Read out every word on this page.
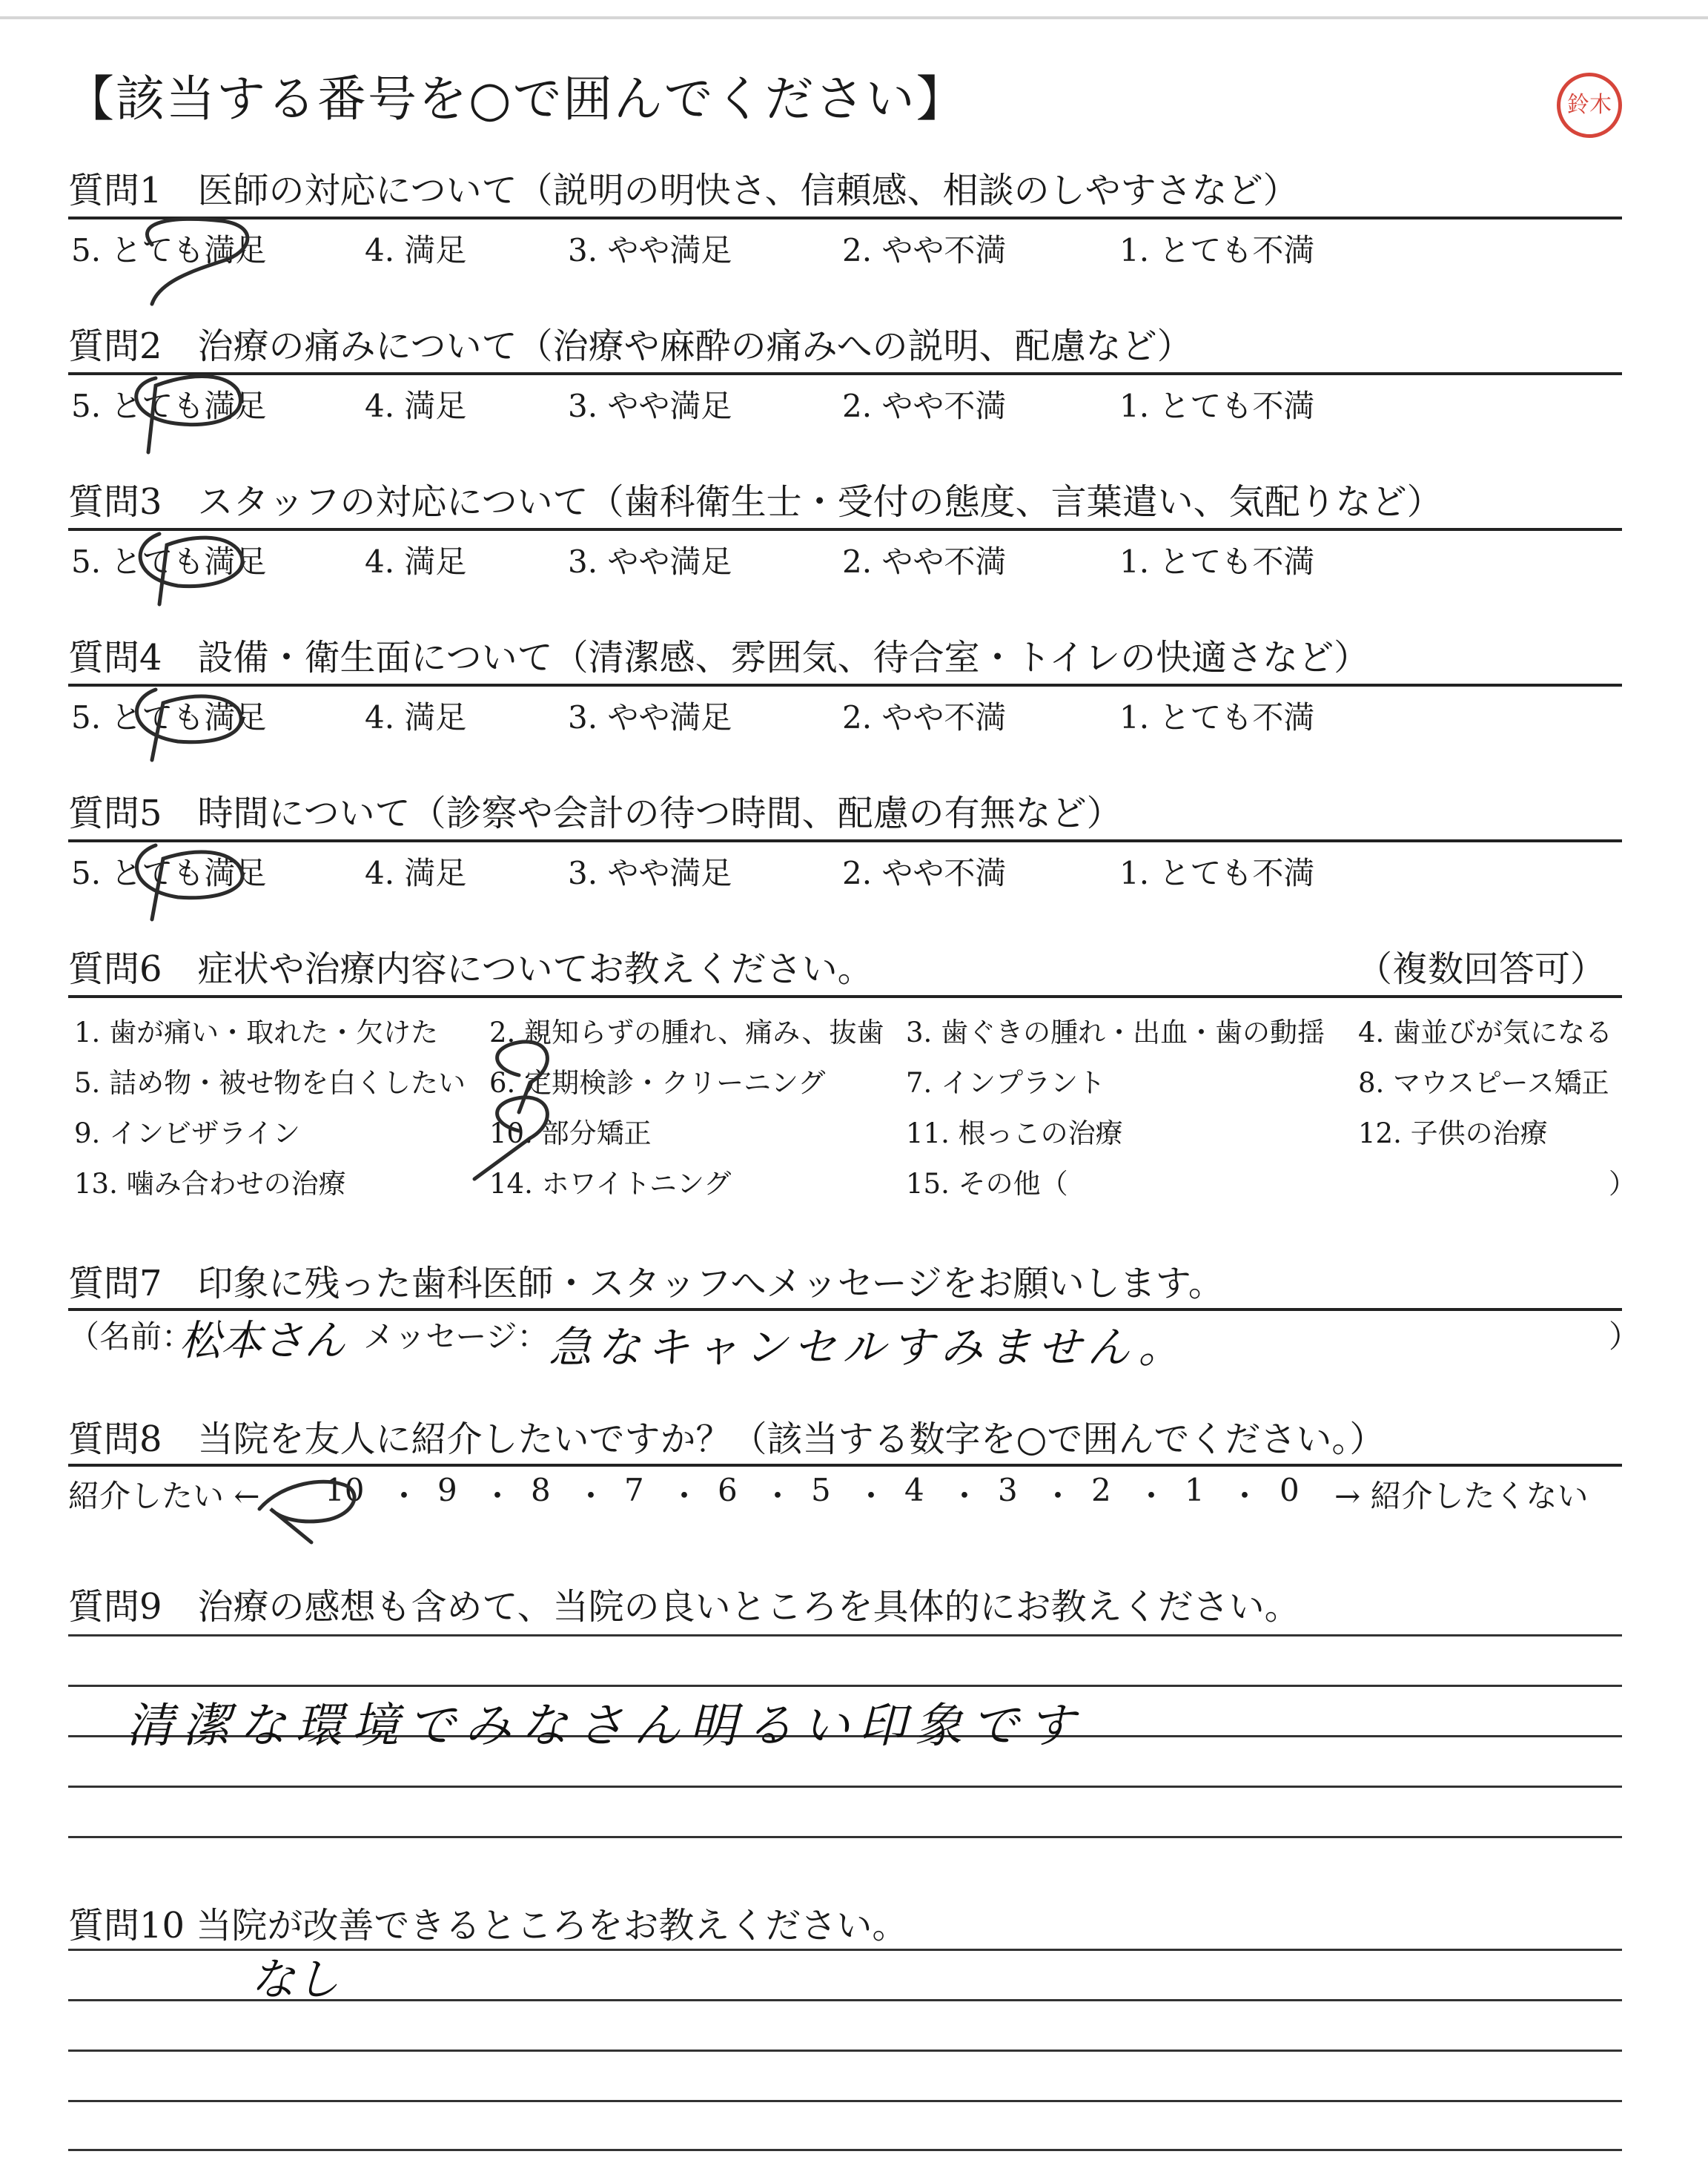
【該当する番号を○で囲んでください】	鈴木
質問1　医師の対応について（説明の明快さ、信頼感、相談のしやすさなど）
5. とても満足	4. 満足	3. やや満足	2. やや不満	1. とても不満
質問2　治療の痛みについて（治療や麻酔の痛みへの説明、配慮など）
5. とても満足	4. 満足	3. やや満足	2. やや不満	1. とても不満
質問3　スタッフの対応について（歯科衛生士・受付の態度、言葉遣い、気配りなど）
5. とても満足	4. 満足	3. やや満足	2. やや不満	1. とても不満
質問4　設備・衛生面について（清潔感、雰囲気、待合室・トイレの快適さなど）
5. とても満足	4. 満足	3. やや満足	2. やや不満	1. とても不満
質問5　時間について（診察や会計の待つ時間、配慮の有無など）
5. とても満足	4. 満足	3. やや満足	2. やや不満	1. とても不満
質問6　症状や治療内容についてお教えください。	（複数回答可）
1. 歯が痛い・取れた・欠けた 2. 親知らずの腫れ、痛み、抜歯 3. 歯ぐきの腫れ・出血・歯の動揺 4. 歯並びが気になる
5. 詰め物・被せ物を白くしたい 6. 定期検診・クリーニング	7. インプラント	8. マウスピース矯正
9. インビザライン	10. 部分矯正	11. 根っこの治療	12. 子供の治療
13. 噛み合わせの治療	14. ホワイトニング	15. その他（	）
質問7　印象に残った歯科医師・スタッフへメッセージをお願いします。
（名前：
松本さん メッセージ： 急なキャンセルすみません。	）
質問8　当院を友人に紹介したいですか？（該当する数字を○で囲んでください。）
紹介したい ← 10 ・ 9 ・ 8 ・ 7 ・ 6 ・ 5 ・ 4 ・ 3 ・ 2 ・ 1 ・ 0 → 紹介したくない
質問9　治療の感想も含めて、当院の良いところを具体的にお教えください。
清潔な環境でみなさん明るい印象です
質問10 当院が改善できるところをお教えください。
なし
